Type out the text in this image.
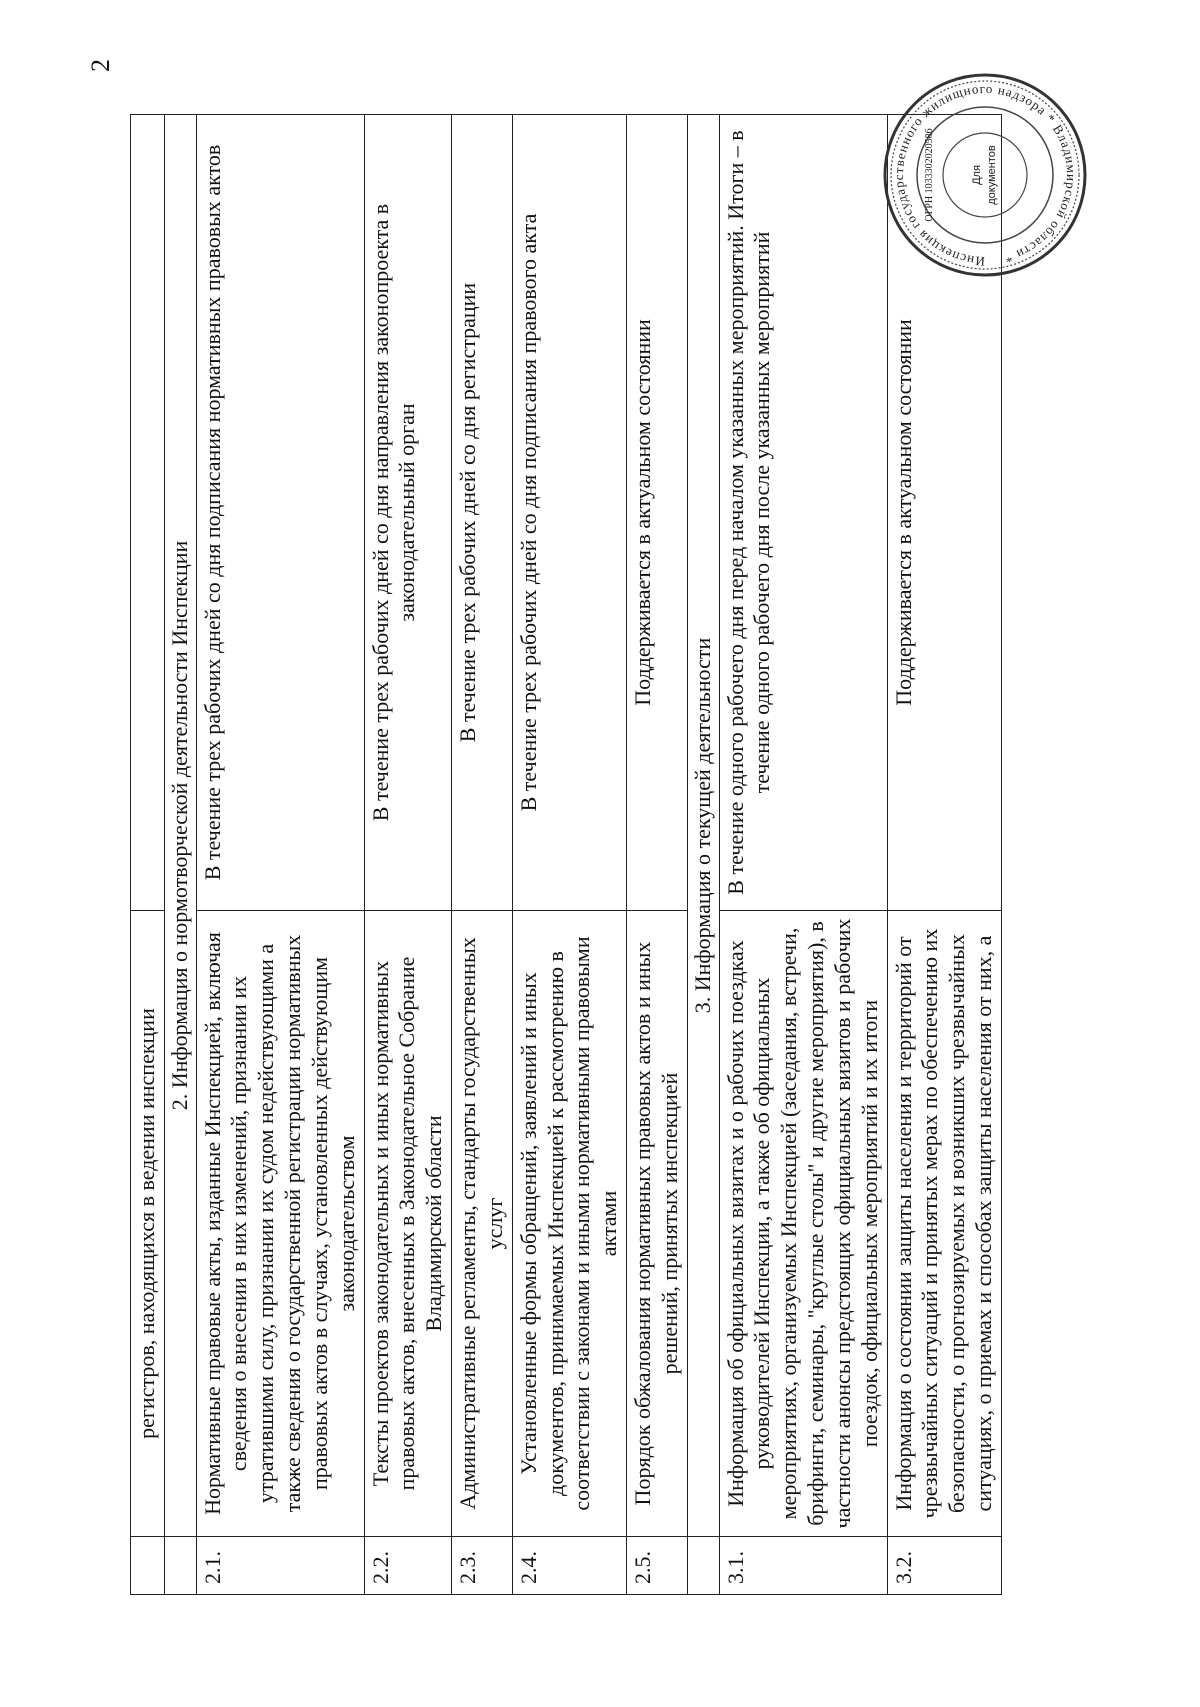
2
	регистров, находящихся в ведении инспекции	
	2. Информация о нормотворческой деятельности Инспекции	
2.1.	Нормативные правовые акты, изданные Инспекцией, включая сведения о внесении в них изменений, признании их утратившими силу, признании их судом недействующими а также сведения о государственной регистрации нормативных правовых актов в случаях, установленных действующим законодательством	В течение трех рабочих дней со дня подписания нормативных правовых актов
2.2.	Тексты проектов законодательных и иных нормативных правовых актов, внесенных в Законодательное Собрание Владимирской области	В течение трех рабочих дней со дня направления законопроекта в законодательный орган
2.3.	Административные регламенты, стандарты государственных услуг	В течение трех рабочих дней со дня регистрации
2.4.	Установленные формы обращений, заявлений и иных документов, принимаемых Инспекцией к рассмотрению в соответствии с законами и иными нормативными правовыми актами	В течение трех рабочих дней со дня подписания правового акта
2.5.	Порядок обжалования нормативных правовых актов и иных решений, принятых инспекцией	Поддерживается в актуальном состоянии
	3. Информация о текущей деятельности	
3.1.	Информация об официальных визитах и о рабочих поездках руководителей Инспекции, а также об официальных мероприятиях, организуемых Инспекцией (заседания, встречи, брифинги, семинары, "круглые столы" и другие мероприятия), в частности анонсы предстоящих официальных визитов и рабочих поездок, официальных мероприятий и их итоги	В течение одного рабочего дня перед началом указанных мероприятий. Итоги – в течение одного рабочего дня после указанных мероприятий
3.2.	Информация о состоянии защиты населения и территорий от чрезвычайных ситуаций и принятых мерах по обеспечению их безопасности, о прогнозируемых и возникших чрезвычайных ситуациях, о приемах и способах защиты населения от них, а	Поддерживается в актуальном состоянии
Инспекция государственного жилищного надзора * Владимирской области *
Для документов
ОГРН 1033302020586
